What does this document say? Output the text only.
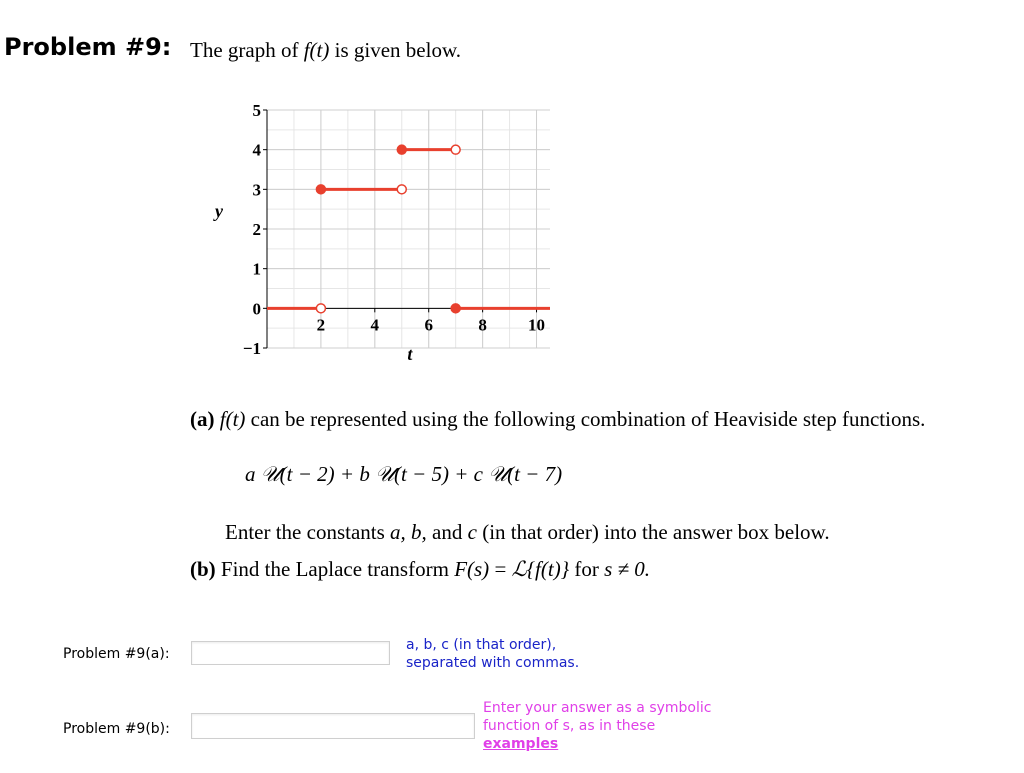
Problem #9: The graph of f(t) is given below.
−1
0
1
2
3
4
5
2	4	6	8 10
y
t
(a) f(t) can be represented using the following combination of Heaviside step functions.
a 𝒰(t − 2) + b 𝒰(t − 5) + c 𝒰(t − 7)
Enter the constants a, b, and c (in that order) into the answer box below.
(b) Find the Laplace transform F(s) = ℒ{f(t)} for s ≠ 0.
Problem #9(a):
a, b, c (in that order),
separated with commas.
Problem #9(b):
Enter your answer as a symbolic
function of s, as in these
examples
